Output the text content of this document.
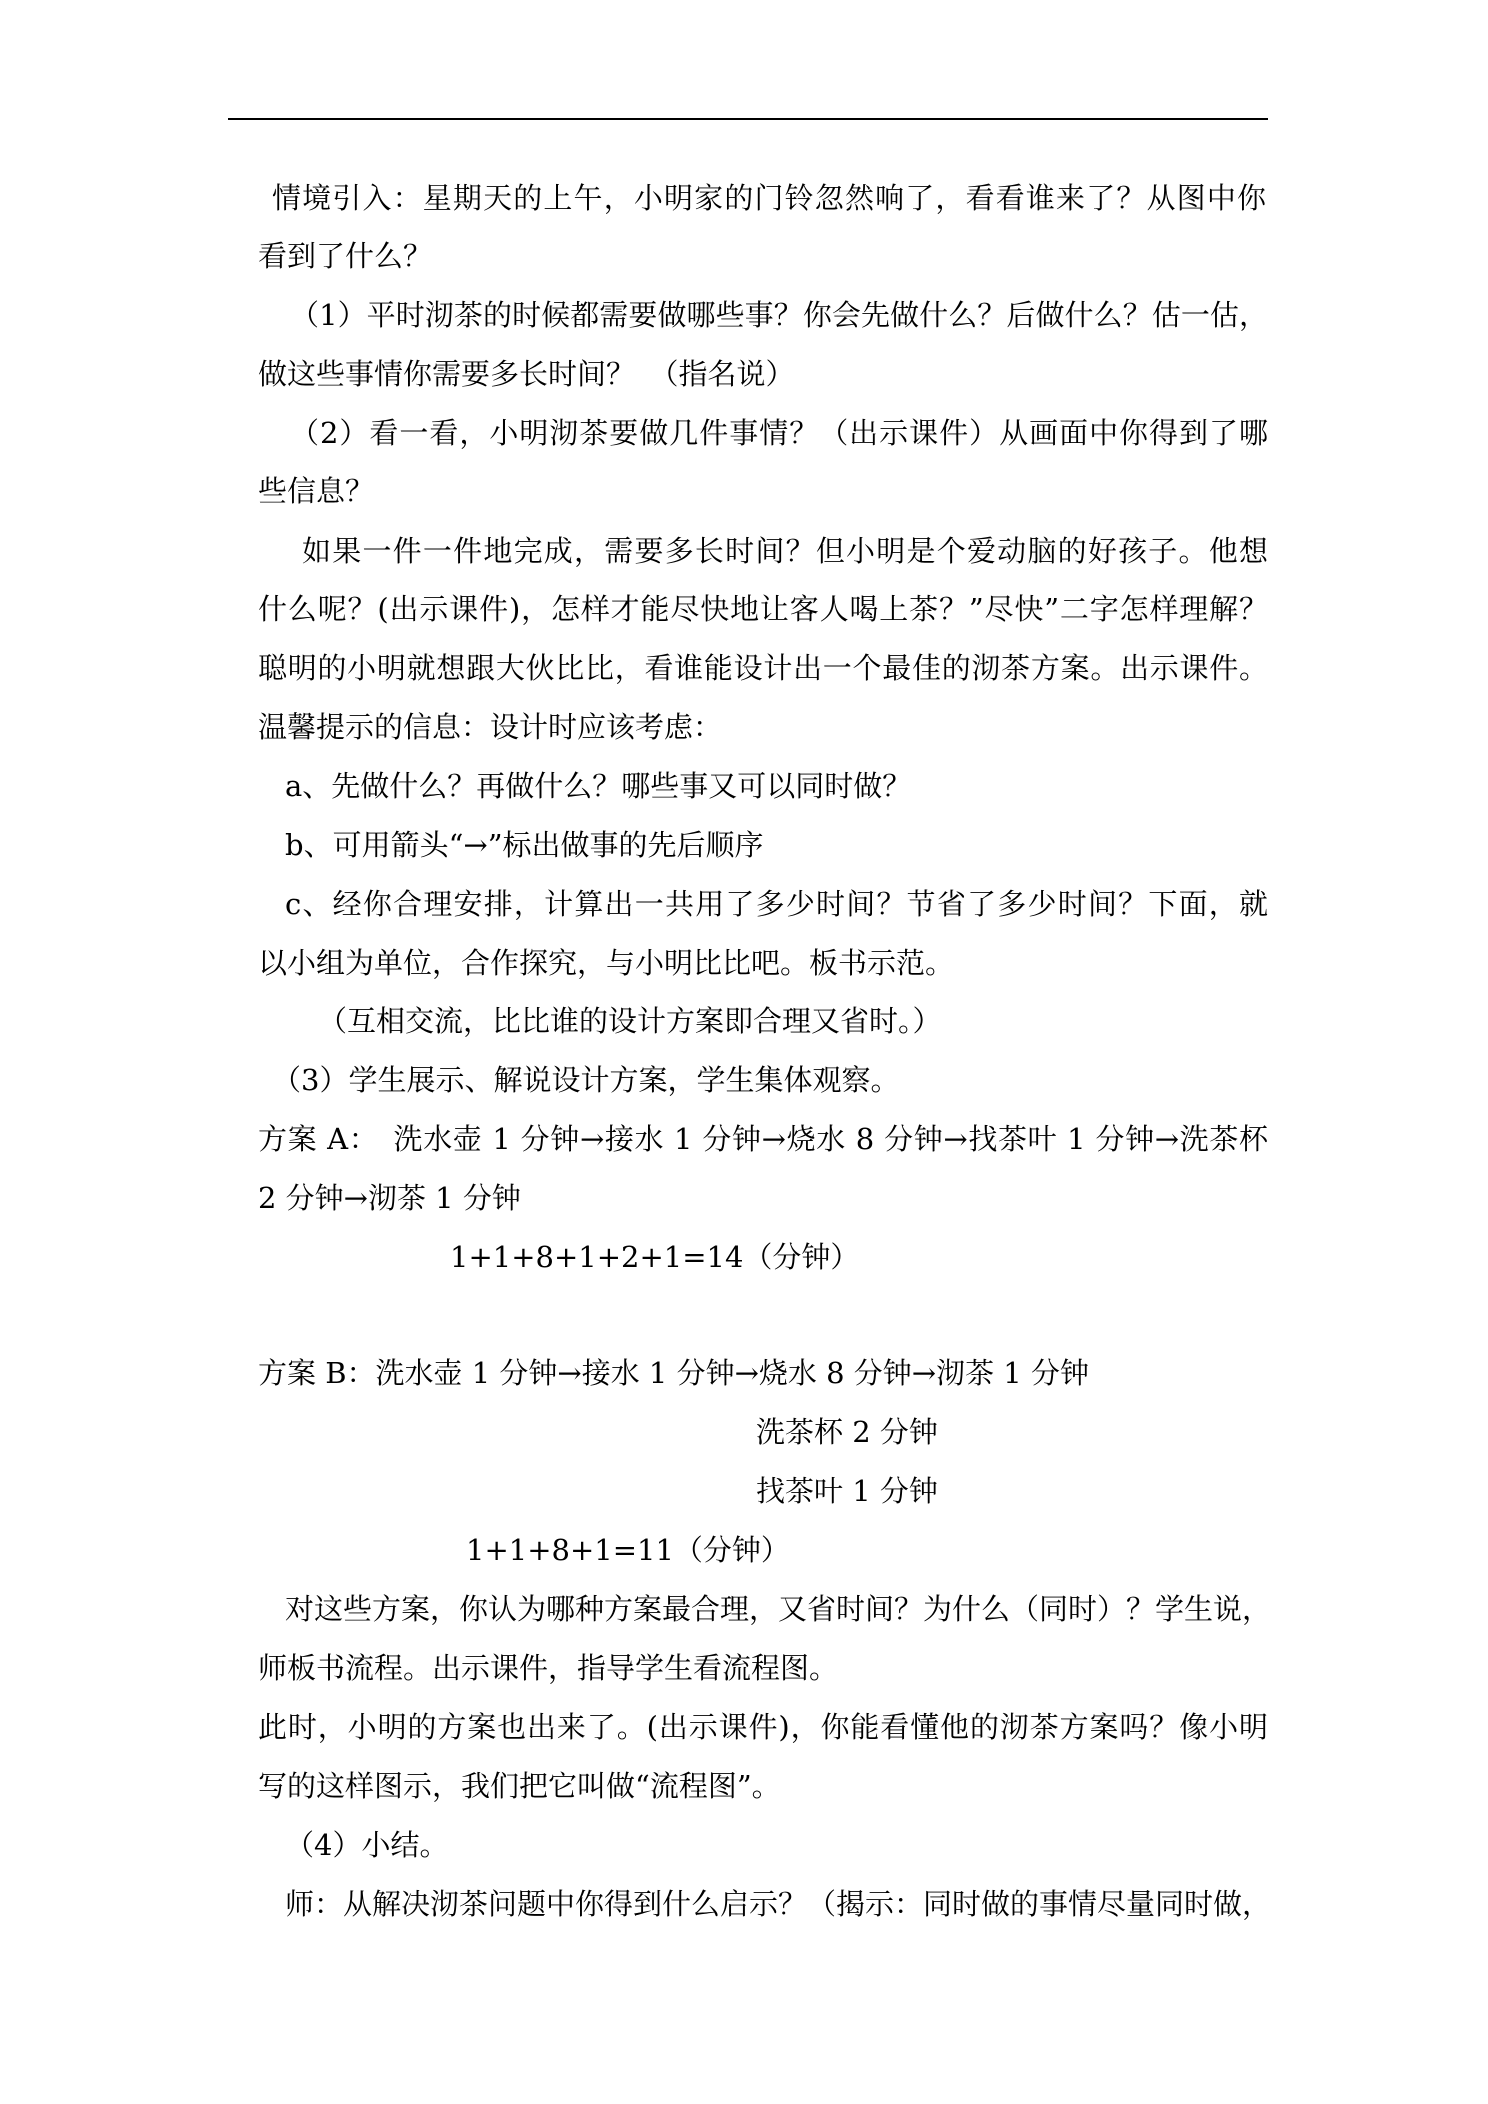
情境引入：星期天的上午，小明家的门铃忽然响了，看看谁来了？从图中你
看到了什么？
（1）平时沏茶的时候都需要做哪些事？你会先做什么？后做什么？估一估，
做这些事情你需要多长时间？　（指名说）
（2）看一看，小明沏茶要做几件事情？（出示课件）从画面中你得到了哪
些信息？
如果一件一件地完成，需要多长时间？但小明是个爱动脑的好孩子。他想
什么呢？(出示课件)，怎样才能尽快地让客人喝上茶？”尽快”二字怎样理解？
聪明的小明就想跟大伙比比，看谁能设计出一个最佳的沏茶方案。出示课件。
温馨提示的信息：设计时应该考虑：
a、先做什么？再做什么？哪些事又可以同时做？
b、可用箭头“→”标出做事的先后顺序
c、经你合理安排，计算出一共用了多少时间？节省了多少时间？下面，就
以小组为单位，合作探究，与小明比比吧。板书示范。
（互相交流，比比谁的设计方案即合理又省时。）
（3）学生展示、解说设计方案，学生集体观察。
方案 A：　洗水壶 1 分钟→接水 1 分钟→烧水 8 分钟→找茶叶 1 分钟→洗茶杯
2 分钟→沏茶 1 分钟
1+1+8+1+2+1=14（分钟）
方案 B：洗水壶 1 分钟→接水 1 分钟→烧水 8 分钟→沏茶 1 分钟
洗茶杯 2 分钟
找茶叶 1 分钟
1+1+8+1=11（分钟）
对这些方案，你认为哪种方案最合理，又省时间？为什么（同时）？学生说，
师板书流程。出示课件，指导学生看流程图。
此时，小明的方案也出来了。(出示课件)，你能看懂他的沏茶方案吗？像小明
写的这样图示，我们把它叫做“流程图”。
（4）小结。
师：从解决沏茶问题中你得到什么启示？（揭示：同时做的事情尽量同时做，
